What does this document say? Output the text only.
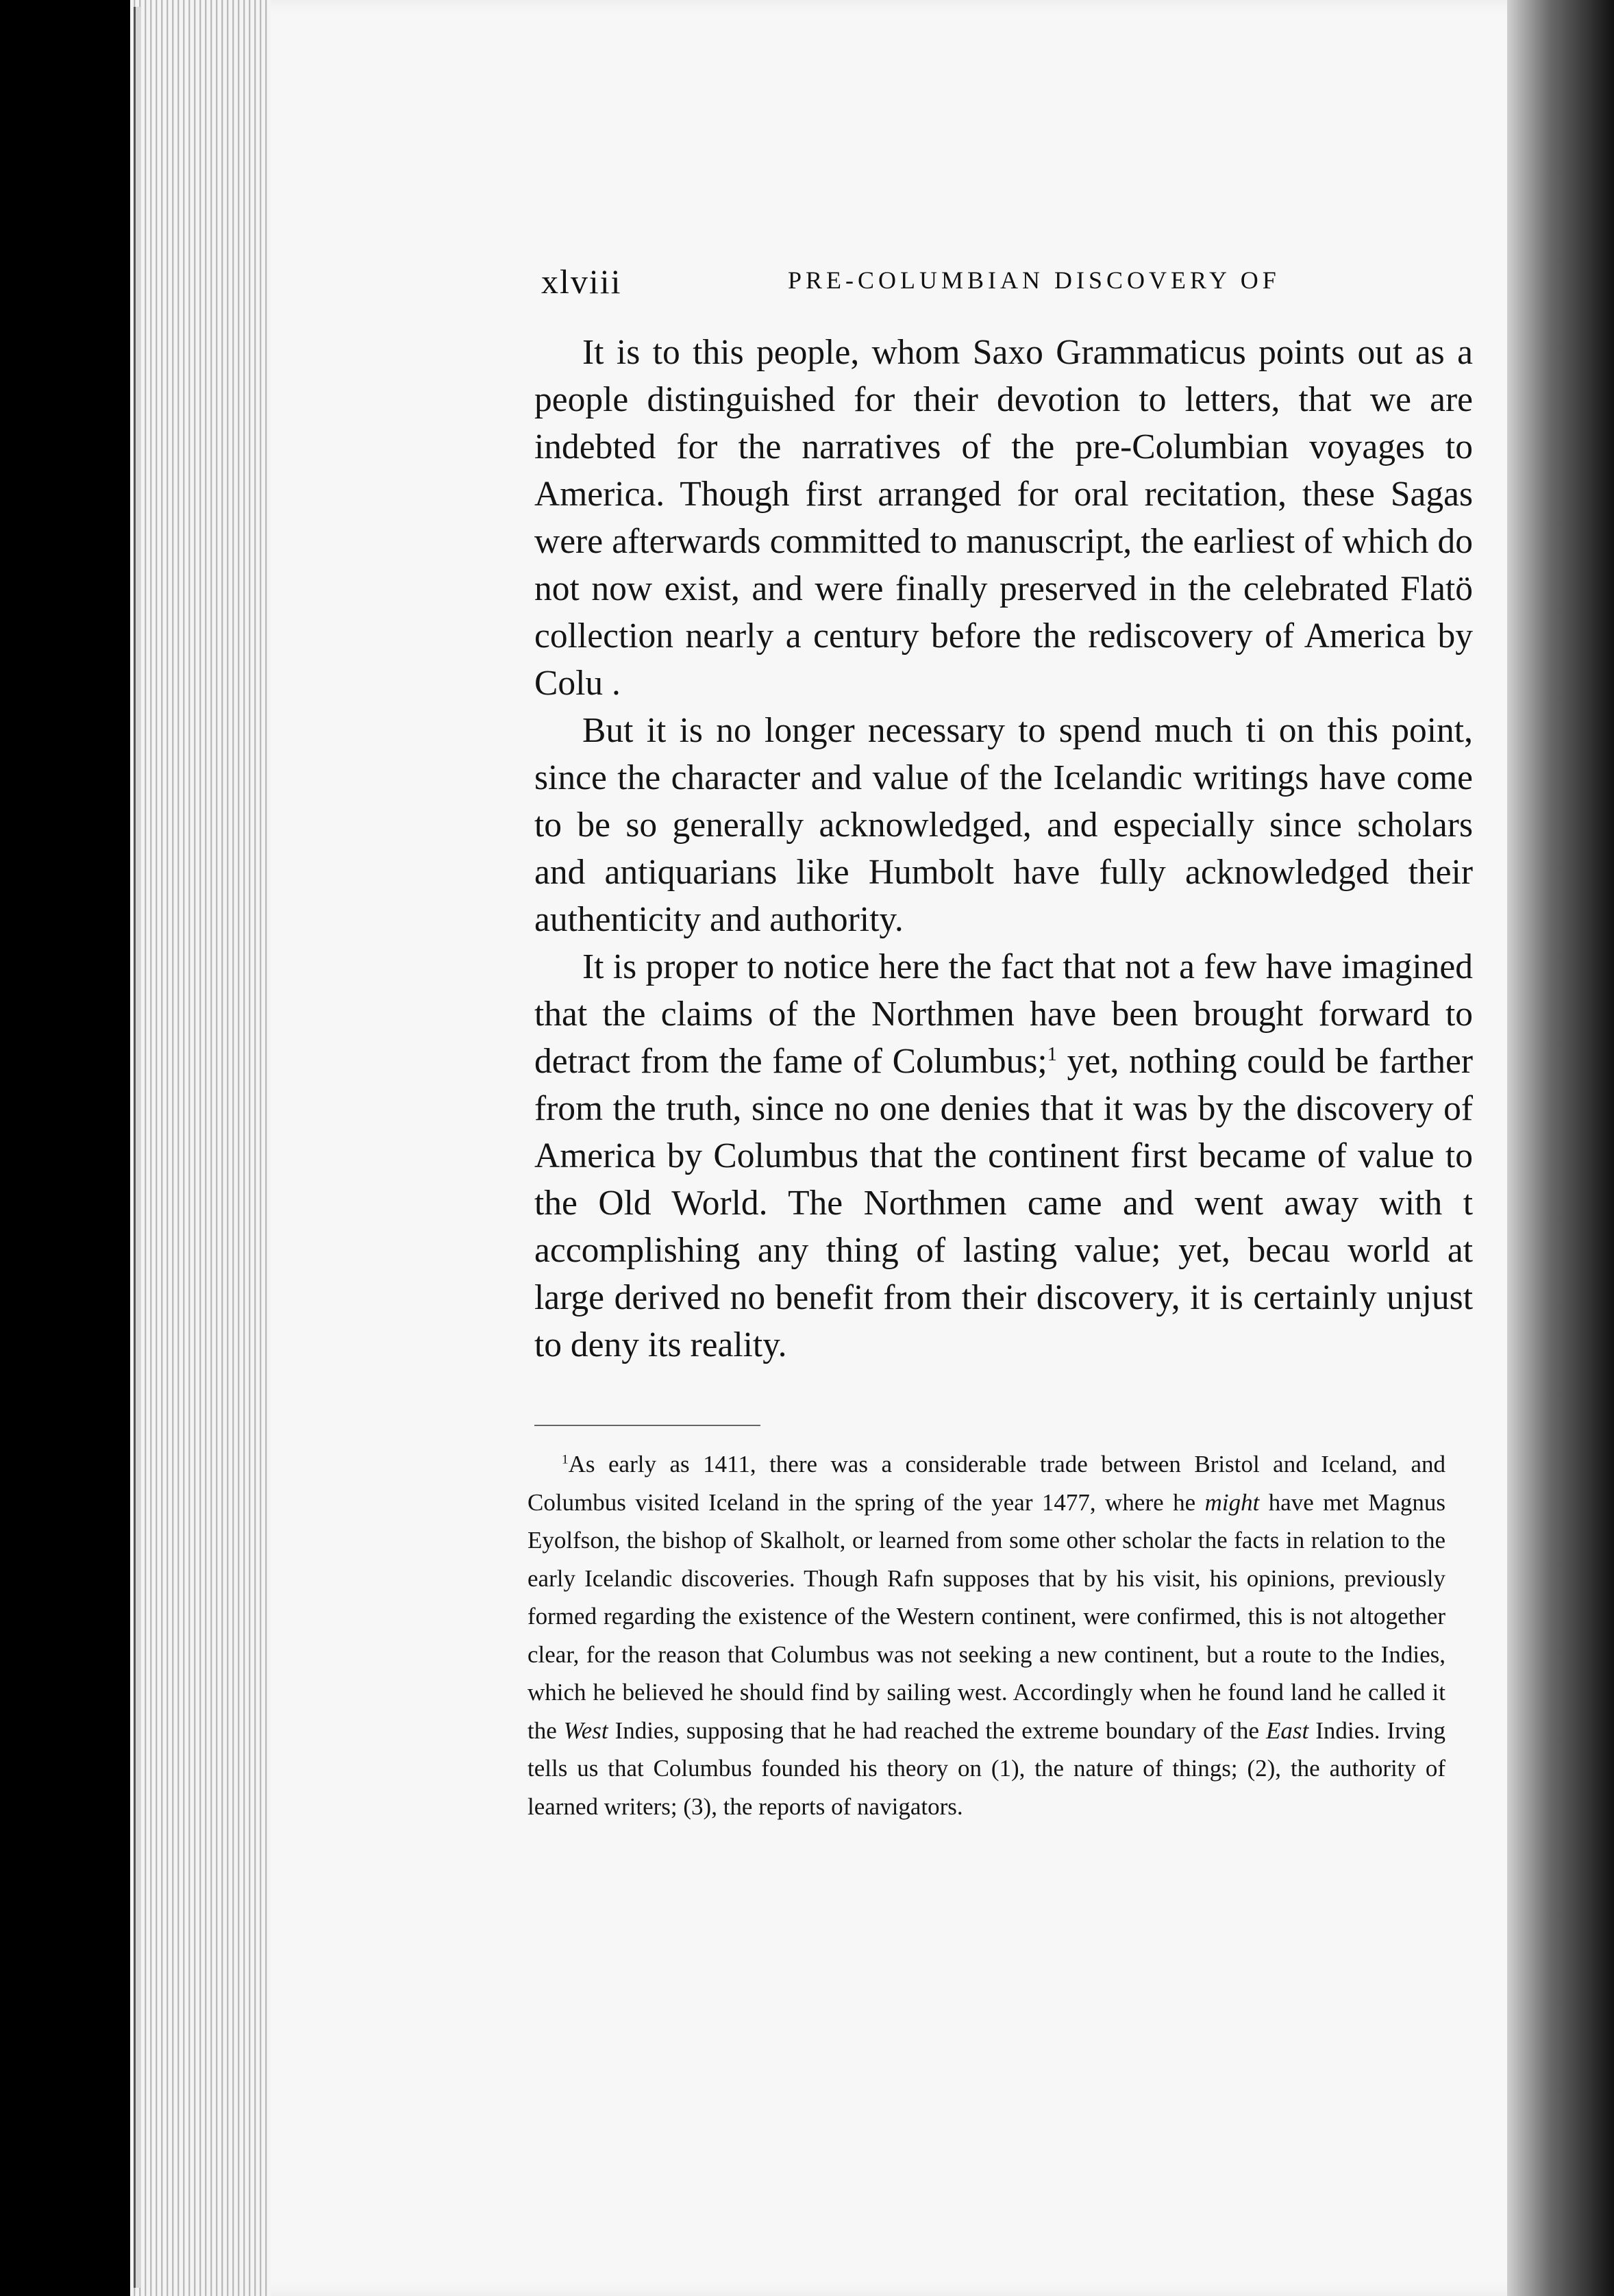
xlviii	PRE-COLUMBIAN DISCOVERY OF

It is to this people, whom Saxo Grammaticus points out as a people distinguished for their devotion to letters, that we are indebted for the narratives of the pre-Columbian voyages to America. Though first arranged for oral recitation, these Sagas were afterwards committed to manuscript, the earliest of which do not now exist, and were finally preserved in the celebrated Flatö collection nearly a century before the rediscovery of America by Colu .

But it is no longer necessary to spend much ti on this point, since the character and value of the Icelandic writings have come to be so generally acknowledged, and especially since scholars and antiquarians like Humbolt have fully acknowledged their authenticity and authority.

It is proper to notice here the fact that not a few have imagined that the claims of the Northmen have been brought forward to detract from the fame of Columbus;$^1$ yet, nothing could be farther from the truth, since no one denies that it was by the discovery of America by Columbus that the continent first became of value to the Old World. The Northmen came and went away with t accomplishing any thing of lasting value; yet, becau world at large derived no benefit from their discovery, it is certainly unjust to deny its reality.

$^1$As early as 1411, there was a considerable trade between Bristol and Iceland, and Columbus visited Iceland in the spring of the year 1477, where he might have met Magnus Eyolfson, the bishop of Skalholt, or learned from some other scholar the facts in relation to the early Icelandic discoveries. Though Rafn supposes that by his visit, his opinions, previously formed regarding the existence of the Western continent, were confirmed, this is not altogether clear, for the reason that Columbus was not seeking a new continent, but a route to the Indies, which he believed he should find by sailing west. Accordingly when he found land he called it the West Indies, supposing that he had reached the extreme boundary of the East Indies. Irving tells us that Columbus founded his theory on (1), the nature of things; (2), the authority of learned writers; (3), the reports of navigators.
